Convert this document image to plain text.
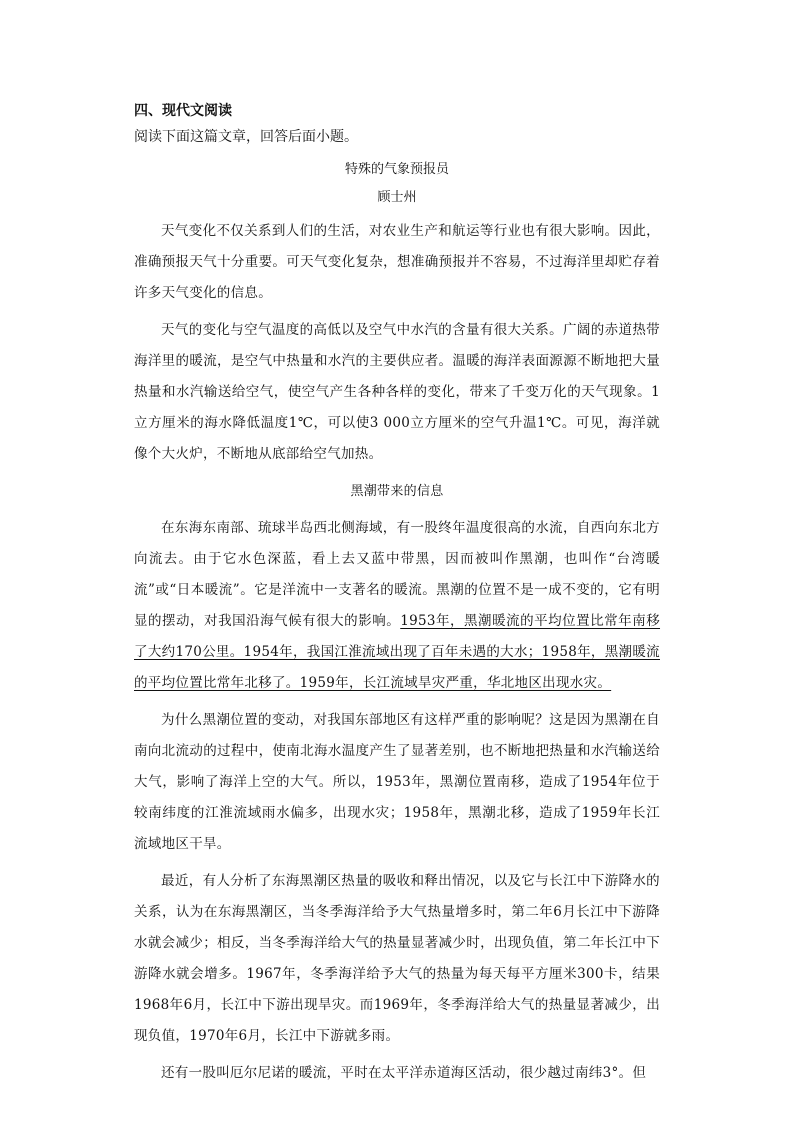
四、现代文阅读
阅读下面这篇文章，回答后面小题。
特殊的气象预报员
顾士州

天气变化不仅关系到人们的生活，对农业生产和航运等行业也有很大影响。因此，准确预报天气十分重要。可天气变化复杂，想准确预报并不容易，不过海洋里却贮存着许多天气变化的信息。

天气的变化与空气温度的高低以及空气中水汽的含量有很大关系。广阔的赤道热带海洋里的暖流，是空气中热量和水汽的主要供应者。温暖的海洋表面源源不断地把大量热量和水汽输送给空气，使空气产生各种各样的变化，带来了千变万化的天气现象。1立方厘米的海水降低温度1℃，可以使3 000立方厘米的空气升温1℃。可见，海洋就像个大火炉，不断地从底部给空气加热。

黑潮带来的信息

在东海东南部、琉球半岛西北侧海域，有一股终年温度很高的水流，自西向东北方向流去。由于它水色深蓝，看上去又蓝中带黑，因而被叫作黑潮，也叫作“台湾暖流”或“日本暖流”。它是洋流中一支著名的暖流。黑潮的位置不是一成不变的，它有明显的摆动，对我国沿海气候有很大的影响。1953年，黑潮暖流的平均位置比常年南移了大约170公里。1954年，我国江淮流域出现了百年未遇的大水；1958年，黑潮暖流的平均位置比常年北移了。1959年，长江流域旱灾严重，华北地区出现水灾。

为什么黑潮位置的变动，对我国东部地区有这样严重的影响呢？这是因为黑潮在自南向北流动的过程中，使南北海水温度产生了显著差别，也不断地把热量和水汽输送给大气，影响了海洋上空的大气。所以，1953年，黑潮位置南移，造成了1954年位于较南纬度的江淮流域雨水偏多，出现水灾；1958年，黑潮北移，造成了1959年长江流域地区干旱。

最近，有人分析了东海黑潮区热量的吸收和释出情况，以及它与长江中下游降水的关系，认为在东海黑潮区，当冬季海洋给予大气热量增多时，第二年6月长江中下游降水就会减少；相反，当冬季海洋给大气的热量显著减少时，出现负值，第二年长江中下游降水就会增多。1967年，冬季海洋给予大气的热量为每天每平方厘米300卡，结果1968年6月，长江中下游出现旱灾。而1969年，冬季海洋给大气的热量显著减少，出现负值，1970年6月，长江中下游就多雨。

还有一股叫厄尔尼诺的暖流，平时在太平洋赤道海区活动，很少越过南纬3°。但
